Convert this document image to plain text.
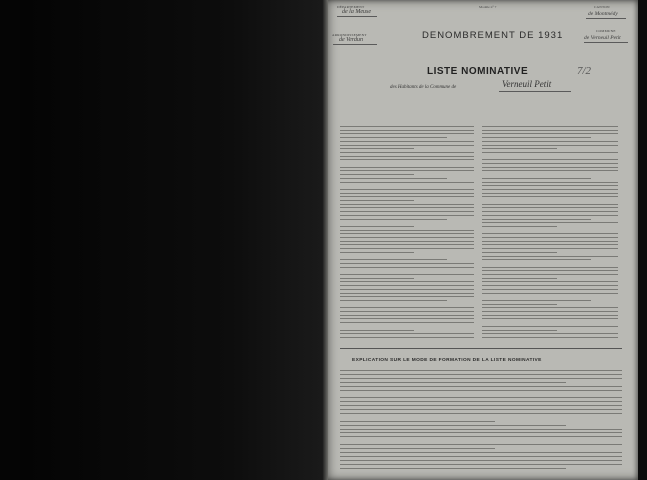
DÉPARTEMENT
de la Meuse
ARRONDISSEMENT
de Verdun
Modèle n° 7
DENOMBREMENT DE 1931
CANTON
de Montmédy
COMMUNE
de Verneuil Petit
LISTE NOMINATIVE
des Habitants de la Commune de	Verneuil Petit
7/2
EXPLICATION SUR LE MODE DE FORMATION DE LA LISTE NOMINATIVE
